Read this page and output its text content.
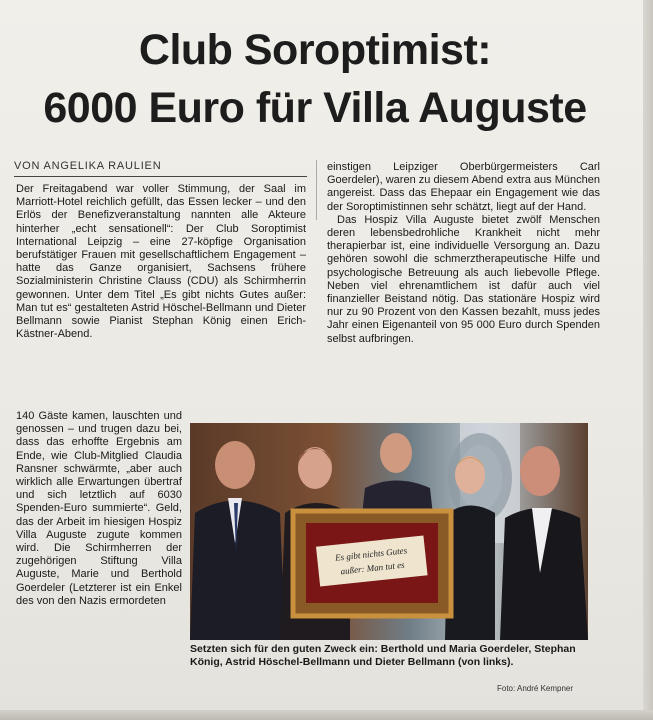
Club Soroptimist:
6000 Euro für Villa Auguste
VON ANGELIKA RAULIEN

Der Freitagabend war voller Stimmung, der Saal im Marriott-Hotel reichlich gefüllt, das Essen lecker – und den Erlös der Benefizveranstaltung nannten alle Akteure hinterher „echt sensationell“: Der Club Soroptimist International Leipzig – eine 27-köpfige Organisation berufstätiger Frauen mit gesellschaftlichem Engagement – hatte das Ganze organisiert, Sachsens frühere Sozialministerin Christine Clauss (CDU) als Schirmherrin gewonnen. Unter dem Titel „Es gibt nichts Gutes außer: Man tut es“ gestalteten Astrid Höschel-Bellmann und Dieter Bellmann sowie Pianist Stephan König einen Erich-Kästner-Abend.

140 Gäste kamen, lauschten und genossen – und trugen dazu bei, dass das erhoffte Ergebnis am Ende, wie Club-Mitglied Claudia Ransner schwärmte, „aber auch wirklich alle Erwartungen übertraf und sich letztlich auf 6030 Spenden-Euro summierte“. Geld, das der Arbeit im hiesigen Hospiz Villa Auguste zugute kommen wird. Die Schirmherren der zugehörigen Stiftung Villa Auguste, Marie und Berthold Goerdeler (Letzterer ist ein Enkel des von den Nazis ermordeten

einstigen Leipziger Oberbürgermeisters Carl Goerdeler), waren zu diesem Abend extra aus München angereist. Dass das Ehepaar ein Engagement wie das der Soroptimistinnen sehr schätzt, liegt auf der Hand.

Das Hospiz Villa Auguste bietet zwölf Menschen deren lebensbedrohliche Krankheit nicht mehr therapierbar ist, eine individuelle Versorgung an. Dazu gehören sowohl die schmerztherapeutische Hilfe und psychologische Betreuung als auch liebevolle Pflege. Neben viel ehrenamtlichem ist dafür auch viel finanzieller Beistand nötig. Das stationäre Hospiz wird nur zu 90 Prozent von den Kassen bezahlt, muss jedes Jahr einen Eigenanteil von 95 000 Euro durch Spenden selbst aufbringen.

Es gibt nichts Gutes
außer: Man tut es
Setzten sich für den guten Zweck ein: Berthold und Maria Goerdeler, Stephan König, Astrid Höschel-Bellmann und Dieter Bellmann (von links).
Foto: André Kempner
